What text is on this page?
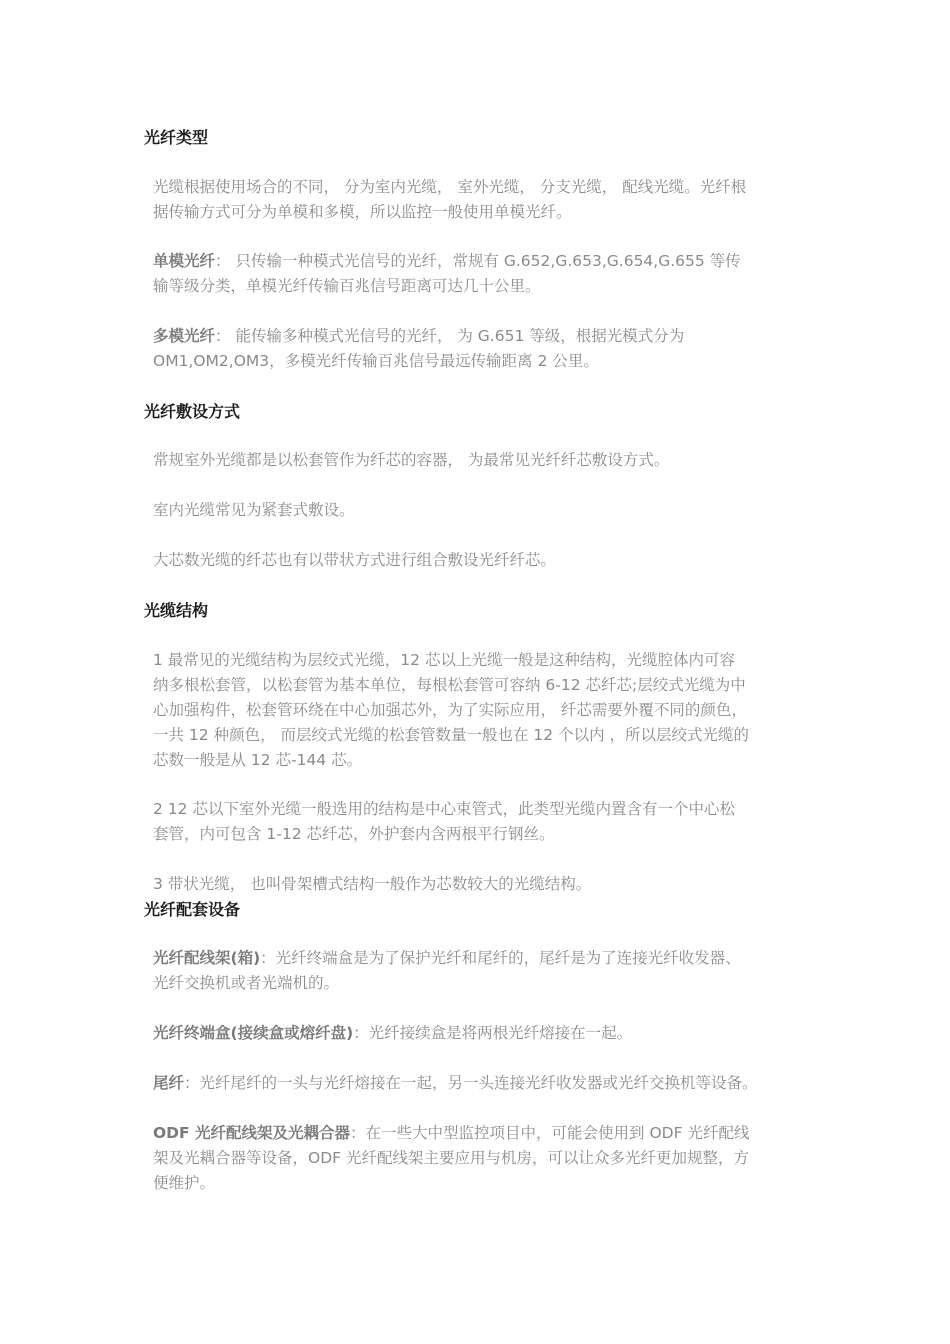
光纤类型
光缆根据使用场合的不同， 分为室内光缆， 室外光缆， 分支光缆， 配线光缆。光纤根
据传输方式可分为单模和多模，所以监控一般使用单模光纤。
单模光纤： 只传输一种模式光信号的光纤，常规有 G.652,G.653,G.654,G.655 等传
输等级分类，单模光纤传输百兆信号距离可达几十公里。
多模光纤： 能传输多种模式光信号的光纤， 为 G.651 等级，根据光模式分为
OM1,OM2,OM3，多模光纤传输百兆信号最远传输距离 2 公里。
光纤敷设方式
常规室外光缆都是以松套管作为纤芯的容器， 为最常见光纤纤芯敷设方式。
室内光缆常见为紧套式敷设。
大芯数光缆的纤芯也有以带状方式进行组合敷设光纤纤芯。
光缆结构
1 最常见的光缆结构为层绞式光缆，12 芯以上光缆一般是这种结构，光缆腔体内可容
纳多根松套管，以松套管为基本单位，每根松套管可容纳 6-12 芯纤芯;层绞式光缆为中
心加强构件，松套管环绕在中心加强芯外，为了实际应用， 纤芯需要外覆不同的颜色，
一共 12 种颜色， 而层绞式光缆的松套管数量一般也在 12 个以内 ，所以层绞式光缆的
芯数一般是从 12 芯-144 芯。
2 12 芯以下室外光缆一般选用的结构是中心束管式，此类型光缆内置含有一个中心松
套管，内可包含 1-12 芯纤芯，外护套内含两根平行钢丝。
3 带状光缆， 也叫骨架槽式结构一般作为芯数较大的光缆结构。
光纤配套设备
光纤配线架(箱)：光纤终端盒是为了保护光纤和尾纤的，尾纤是为了连接光纤收发器、
光纤交换机或者光端机的。
光纤终端盒(接续盒或熔纤盘)：光纤接续盒是将两根光纤熔接在一起。
尾纤：光纤尾纤的一头与光纤熔接在一起，另一头连接光纤收发器或光纤交换机等设备。
ODF 光纤配线架及光耦合器：在一些大中型监控项目中，可能会使用到 ODF 光纤配线
架及光耦合器等设备，ODF 光纤配线架主要应用与机房，可以让众多光纤更加规整，方
便维护。
